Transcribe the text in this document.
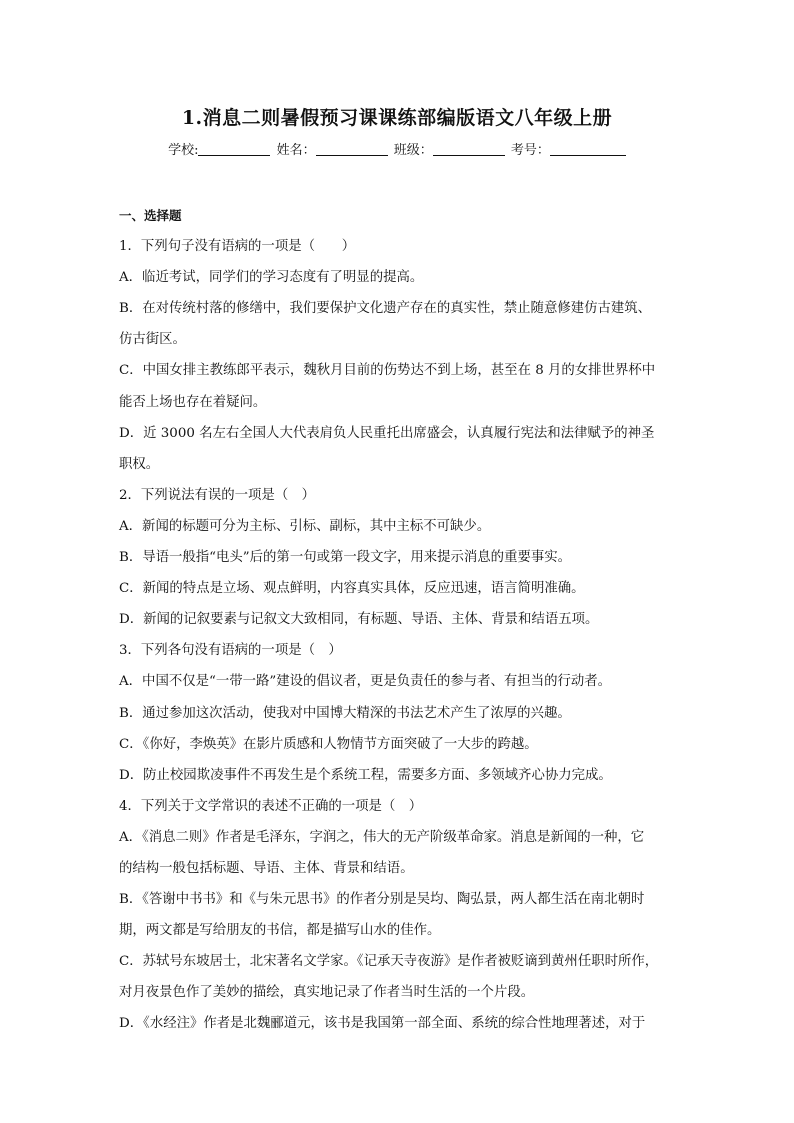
1.消息二则暑假预习课课练部编版语文八年级上册
学校:	姓名：	班级：	考号：
一、选择题
1．下列句子没有语病的一项是（　　）
A．临近考试，同学们的学习态度有了明显的提高。
B．在对传统村落的修缮中，我们要保护文化遗产存在的真实性，禁止随意修建仿古建筑、
仿古街区。
C．中国女排主教练郎平表示，魏秋月目前的伤势达不到上场，甚至在 8 月的女排世界杯中
能否上场也存在着疑问。
D．近 3000 名左右全国人大代表肩负人民重托出席盛会，认真履行宪法和法律赋予的神圣
职权。
2．下列说法有误的一项是（　）
A．新闻的标题可分为主标、引标、副标，其中主标不可缺少。
B．导语一般指“电头”后的第一句或第一段文字，用来提示消息的重要事实。
C．新闻的特点是立场、观点鲜明，内容真实具体，反应迅速，语言简明准确。
D．新闻的记叙要素与记叙文大致相同，有标题、导语、主体、背景和结语五项。
3．下列各句没有语病的一项是（　）
A．中国不仅是“一带一路”建设的倡议者，更是负责任的参与者、有担当的行动者。
B．通过参加这次活动，使我对中国博大精深的书法艺术产生了浓厚的兴趣。
C．《你好，李焕英》在影片质感和人物情节方面突破了一大步的跨越。
D．防止校园欺凌事件不再发生是个系统工程，需要多方面、多领域齐心协力完成。
4．下列关于文学常识的表述不正确的一项是（　）
A．《消息二则》作者是毛泽东，字润之，伟大的无产阶级革命家。消息是新闻的一种，它
的结构一般包括标题、导语、主体、背景和结语。
B．《答谢中书书》和《与朱元思书》的作者分别是吴均、陶弘景，两人都生活在南北朝时
期，两文都是写给朋友的书信，都是描写山水的佳作。
C．苏轼号东坡居士，北宋著名文学家。《记承天寺夜游》是作者被贬谪到黄州任职时所作，
对月夜景色作了美妙的描绘，真实地记录了作者当时生活的一个片段。
D．《水经注》作者是北魏郦道元，该书是我国第一部全面、系统的综合性地理著述，对于
